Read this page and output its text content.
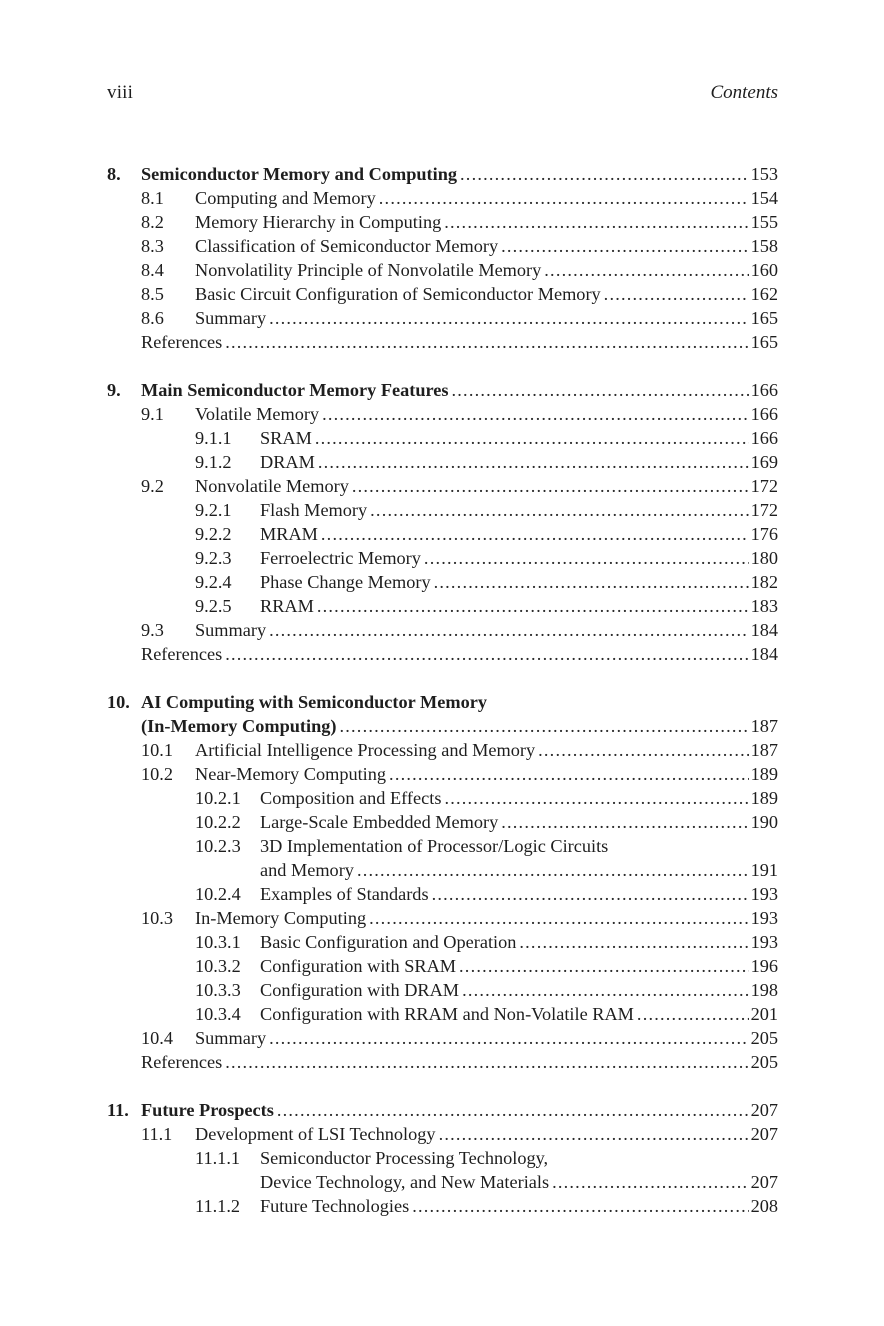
viii	Contents
8.	Semiconductor Memory and Computing .....	153
8.1 Computing and Memory .....	154
8.2 Memory Hierarchy in Computing .....	155
8.3 Classification of Semiconductor Memory .....	158
8.4 Nonvolatility Principle of Nonvolatile Memory .....	160
8.5 Basic Circuit Configuration of Semiconductor Memory .....	162
8.6 Summary .....	165
References .....	165
9.	Main Semiconductor Memory Features .....	166
9.1 Volatile Memory .....	166
9.1.1 SRAM .....	166
9.1.2 DRAM .....	169
9.2 Nonvolatile Memory .....	172
9.2.1 Flash Memory .....	172
9.2.2 MRAM .....	176
9.2.3 Ferroelectric Memory .....	180
9.2.4 Phase Change Memory .....	182
9.2.5 RRAM .....	183
9.3 Summary .....	184
References .....	184
10. AI Computing with Semiconductor Memory
(In-Memory Computing) .....	187
10.1 Artificial Intelligence Processing and Memory .....	187
10.2 Near-Memory Computing .....	189
10.2.1 Composition and Effects .....	189
10.2.2 Large-Scale Embedded Memory .....	190
10.2.3 3D Implementation of Processor/Logic Circuits
and Memory .....	191
10.2.4 Examples of Standards .....	193
10.3 In-Memory Computing .....	193
10.3.1 Basic Configuration and Operation .....	193
10.3.2 Configuration with SRAM .....	196
10.3.3 Configuration with DRAM .....	198
10.3.4 Configuration with RRAM and Non-Volatile RAM .....	201
10.4 Summary .....	205
References .....	205
11. Future Prospects .....	207
11.1 Development of LSI Technology .....	207
11.1.1 Semiconductor Processing Technology,
Device Technology, and New Materials .....	207
11.1.2 Future Technologies .....	208
